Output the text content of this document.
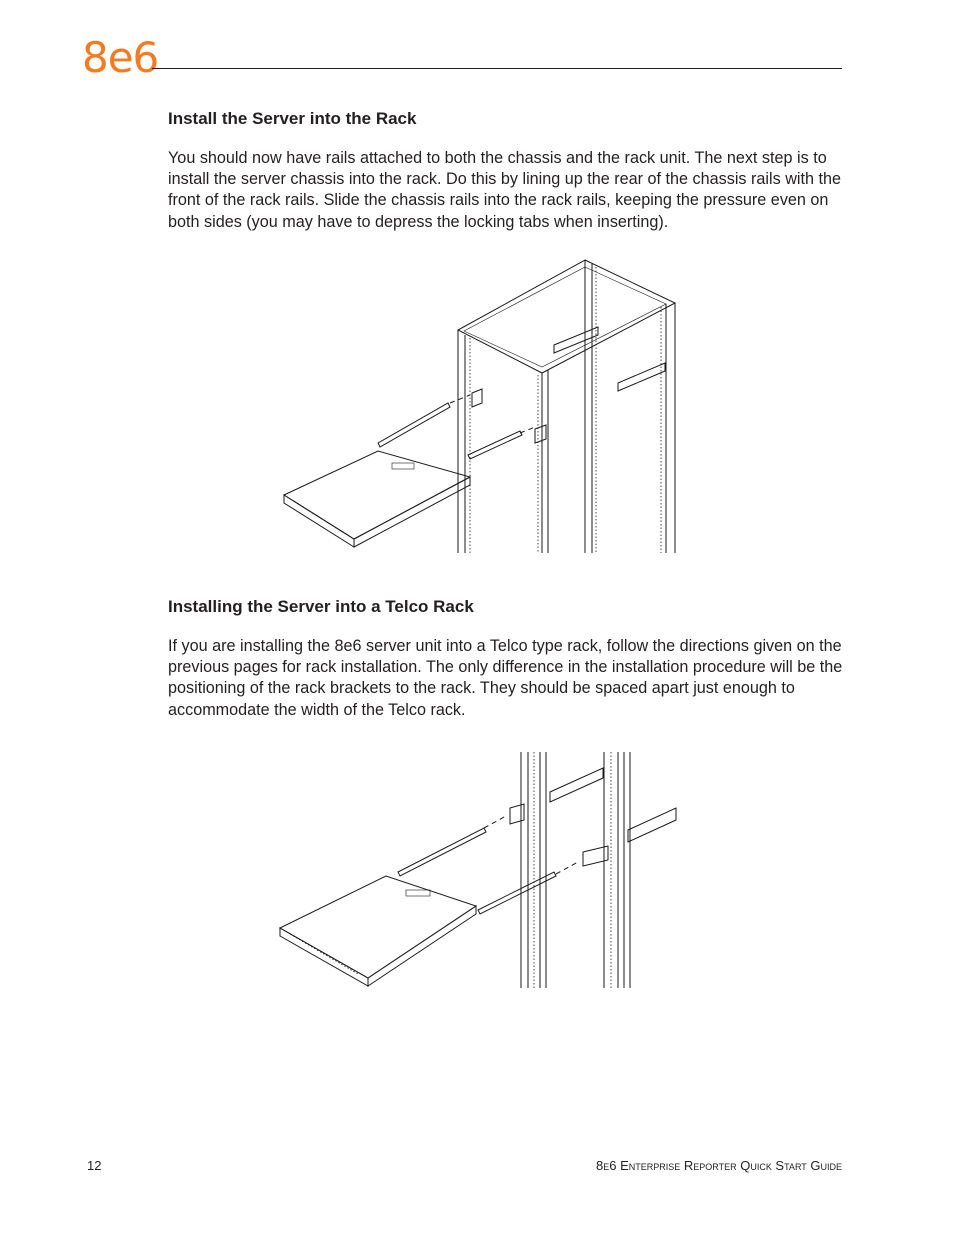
8e6
Install the Server into the Rack

You should now have rails attached to both the chassis and the rack unit. The next step is to install the server chassis into the rack. Do this by lining up the rear of the chassis rails with the front of the rack rails. Slide the chassis rails into the rack rails, keeping the pressure even on both sides (you may have to depress the locking tabs when inserting).

Installing the Server into a Telco Rack

If you are installing the 8e6 server unit into a Telco type rack, follow the directions given on the previous pages for rack installation. The only difference in the installation procedure will be the positioning of the rack brackets to the rack. They should be spaced apart just enough to accommodate the width of the Telco rack.

12	8e6 Enterprise Reporter Quick Start Guide
